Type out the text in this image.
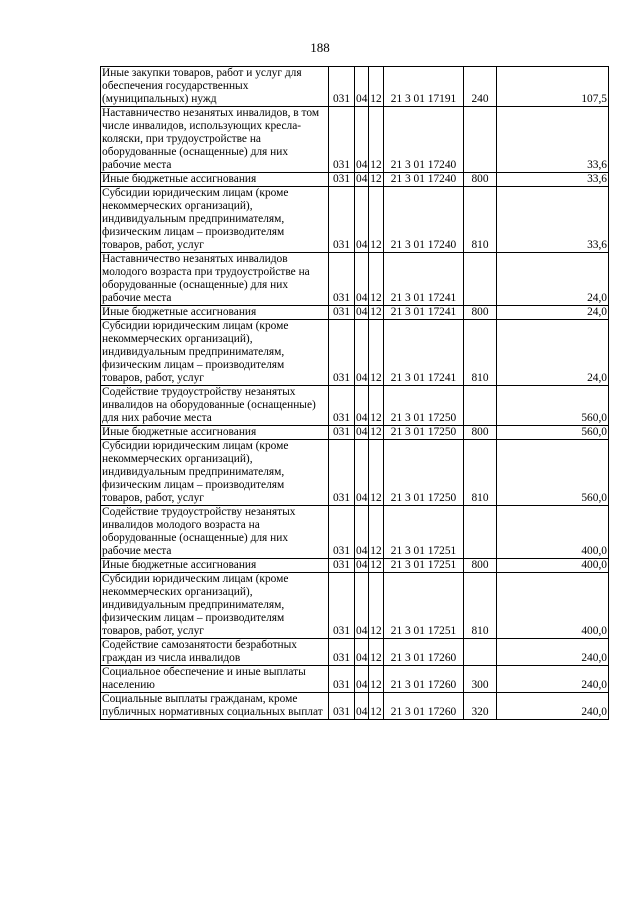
188
Иные закупки товаров, работ и услуг для обеспечения государственных (муниципальных) нужд	031	04	12	21 3 01 17191	240	107,5
Наставничество незанятых инвалидов, в том числе инвалидов, использующих кресла-коляски, при трудоустройстве на оборудованные (оснащенные) для них рабочие места	031	04	12	21 3 01 17240		33,6
Иные бюджетные ассигнования	031	04	12	21 3 01 17240	800	33,6
Субсидии юридическим лицам (кроме некоммерческих организаций), индивидуальным предпринимателям, физическим лицам – производителям товаров, работ, услуг	031	04	12	21 3 01 17240	810	33,6
Наставничество незанятых инвалидов молодого возраста при трудоустройстве на оборудованные (оснащенные) для них рабочие места	031	04	12	21 3 01 17241		24,0
Иные бюджетные ассигнования	031	04	12	21 3 01 17241	800	24,0
Субсидии юридическим лицам (кроме некоммерческих организаций), индивидуальным предпринимателям, физическим лицам – производителям товаров, работ, услуг	031	04	12	21 3 01 17241	810	24,0
Содействие трудоустройству незанятых инвалидов на оборудованные (оснащенные) для них рабочие места	031	04	12	21 3 01 17250		560,0
Иные бюджетные ассигнования	031	04	12	21 3 01 17250	800	560,0
Субсидии юридическим лицам (кроме некоммерческих организаций), индивидуальным предпринимателям, физическим лицам – производителям товаров, работ, услуг	031	04	12	21 3 01 17250	810	560,0
Содействие трудоустройству незанятых инвалидов молодого возраста на оборудованные (оснащенные) для них рабочие места	031	04	12	21 3 01 17251		400,0
Иные бюджетные ассигнования	031	04	12	21 3 01 17251	800	400,0
Субсидии юридическим лицам (кроме некоммерческих организаций), индивидуальным предпринимателям, физическим лицам – производителям товаров, работ, услуг	031	04	12	21 3 01 17251	810	400,0
Содействие самозанятости безработных граждан из числа инвалидов	031	04	12	21 3 01 17260		240,0
Социальное обеспечение и иные выплаты населению	031	04	12	21 3 01 17260	300	240,0
Социальные выплаты гражданам, кроме публичных нормативных социальных выплат	031	04	12	21 3 01 17260	320	240,0
